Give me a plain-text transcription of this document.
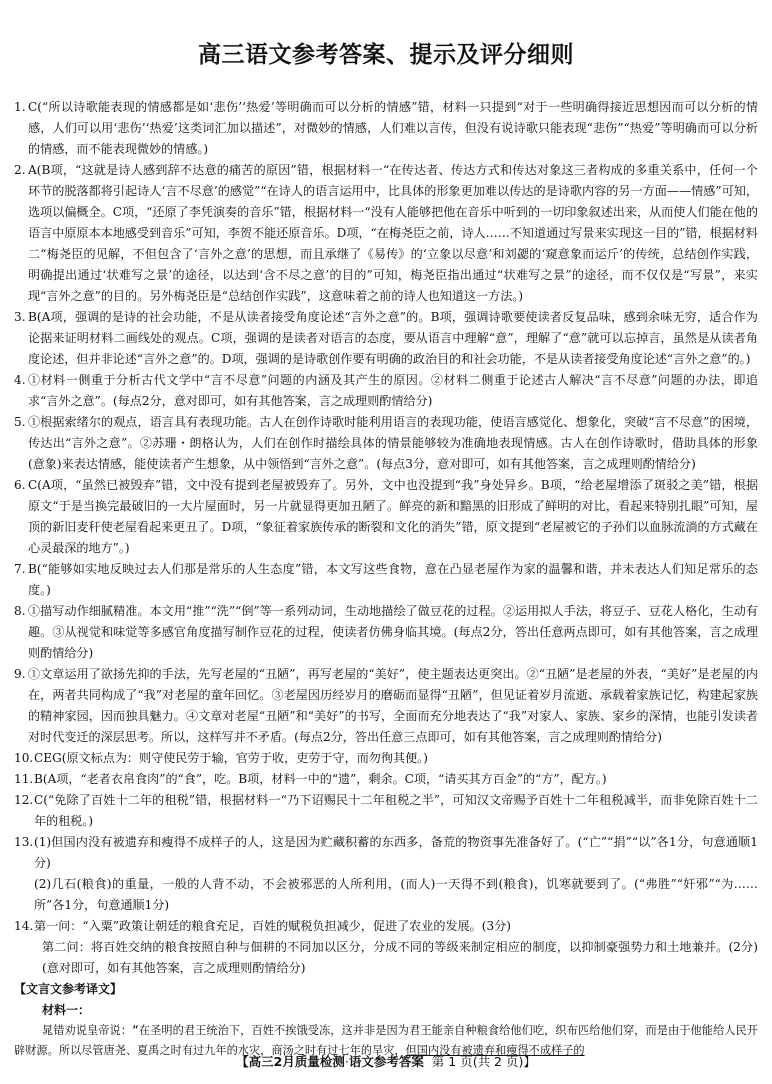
高三语文参考答案、提示及评分细则
1. C(“所以诗歌能表现的情感都是如‘悲伤’‘热爱’等明确而可以分析的情感”错，材料一只提到“对于一些明确得接近思想因而可以分析的情感，人们可以用‘悲伤’‘热爱’这类词汇加以描述”，对微妙的情感，人们难以言传，但没有说诗歌只能表现“悲伤”“热爱”等明确而可以分析的情感，而不能表现微妙的情感。)
2. A(B项，“这就是诗人感到辞不达意的痛苦的原因”错，根据材料一“在传达者、传达方式和传达对象这三者构成的多重关系中，任何一个环节的脱落都将引起诗人‘言不尽意’的感觉”“在诗人的语言运用中，比具体的形象更加难以传达的是诗歌内容的另一方面——情感”可知，选项以偏概全。C项，“还原了李凭演奏的音乐”错，根据材料一“没有人能够把他在音乐中听到的一切印象叙述出来，从而使人们能在他的语言中原原本本地感受到音乐”可知，李贺不能还原音乐。D项，“在梅尧臣之前，诗人……不知道通过写景来实现这一目的”错，根据材料二“梅尧臣的见解，不但包含了‘言外之意’的思想，而且承继了《易传》的‘立象以尽意’和刘勰的‘窥意象而运斤’的传统，总结创作实践，明确提出通过‘状难写之景’的途径，以达到‘含不尽之意’的目的”可知，梅尧臣指出通过“状难写之景”的途径，而不仅仅是“写景”，来实现“言外之意”的目的。另外梅尧臣是“总结创作实践”，这意味着之前的诗人也知道这一方法。)
3. B(A项，强调的是诗的社会功能，不是从读者接受角度论述“言外之意”的。B项，强调诗歌要使读者反复品味，感到余味无穷，适合作为论据来证明材料二画线处的观点。C项，强调的是读者对语言的态度，要从语言中理解“意”，理解了“意”就可以忘掉言，虽然是从读者角度论述，但并非论述“言外之意”的。D项，强调的是诗歌创作要有明确的政治目的和社会功能，不是从读者接受角度论述“言外之意”的。)
4. ①材料一侧重于分析古代文学中“言不尽意”问题的内涵及其产生的原因。②材料二侧重于论述古人解决“言不尽意”问题的办法，即追求“言外之意”。(每点2分，意对即可，如有其他答案，言之成理则酌情给分)
5. ①根据索绪尔的观点，语言具有表现功能。古人在创作诗歌时能利用语言的表现功能，使语言感觉化、想象化，突破“言不尽意”的困境，传达出“言外之意”。②苏珊・朗格认为，人们在创作时描绘具体的情景能够较为准确地表现情感。古人在创作诗歌时，借助具体的形象(意象)来表达情感，能使读者产生想象，从中领悟到“言外之意”。(每点3分，意对即可，如有其他答案，言之成理则酌情给分)
6. C(A项，“虽然已被毁弃”错，文中没有提到老屋被毁弃了。另外，文中也没提到“我”身处异乡。B项，“给老屋增添了斑驳之美”错，根据原文“于是当换完最破旧的一大片屋面时，另一片就显得更加丑陋了。鲜亮的新和黯黑的旧形成了鲜明的对比，看起来特别扎眼”可知，屋顶的新旧麦秆使老屋看起来更丑了。D项，“象征着家族传承的断裂和文化的消失”错，原文提到“老屋被它的子孙们以血脉流淌的方式藏在心灵最深的地方”。)
7. B(“能够如实地反映过去人们那是常乐的人生态度”错，本文写这些食物，意在凸显老屋作为家的温馨和谐，并未表达人们知足常乐的态度。)
8. ①描写动作细腻精准。本文用“推”“洗”“倒”等一系列动词，生动地描绘了做豆花的过程。②运用拟人手法，将豆子、豆花人格化，生动有趣。③从视觉和味觉等多感官角度描写制作豆花的过程，使读者仿佛身临其境。(每点2分，答出任意两点即可，如有其他答案，言之成理则酌情给分)
9. ①文章运用了欲扬先抑的手法，先写老屋的“丑陋”，再写老屋的“美好”，使主题表达更突出。②“丑陋”是老屋的外表，“美好”是老屋的内在，两者共同构成了“我”对老屋的童年回忆。③老屋因历经岁月的磨砺而显得“丑陋”，但见证着岁月流逝、承载着家族记忆，构建起家族的精神家园，因而独具魅力。④文章对老屋“丑陋”和“美好”的书写，全面而充分地表达了“我”对家人、家族、家乡的深情，也能引发读者对时代变迁的深层思考。所以，这样写并不矛盾。(每点2分，答出任意三点即可，如有其他答案，言之成理则酌情给分)
10. CEG(原文标点为：则守使民劳于输，官劳于收，吏劳于守，而勿徇其便。)
11. B(A项，“老者衣帛食肉”的“食”，吃。B项，材料一中的“遗”，剩余。C项，“请买其方百金”的“方”，配方。)
12. C(“免除了百姓十二年的租税”错，根据材料一“乃下诏赐民十二年租税之半”，可知汉文帝赐予百姓十二年租税减半，而非免除百姓十二年的租税。)
13. (1)但国内没有被遗弃和瘦得不成样子的人，这是因为贮藏积蓄的东西多，备荒的物资事先准备好了。(“亡”“捐”“以”各1分，句意通顺1分)
(2)几石(粮食)的重量，一般的人背不动，不会被邪恶的人所利用，(而人)一天得不到(粮食)，饥寒就要到了。(“弗胜”“奸邪”“为……所”各1分，句意通顺1分)
14. 第一问：“入粟”政策让朝廷的粮食充足，百姓的赋税负担减少，促进了农业的发展。(3分)
第二问：将百姓交纳的粮食按照自种与佃耕的不同加以区分，分成不同的等级来制定相应的制度，以抑制豪强势力和土地兼并。(2分)(意对即可，如有其他答案，言之成理则酌情给分)
【文言文参考译文】
材料一：
晁错劝说皇帝说：“在圣明的君王统治下，百姓不挨饿受冻，这并非是因为君王能亲自种粮食给他们吃，织布匹给他们穿，而是由于他能给人民开辟财源。所以尽管唐尧、夏禹之时有过九年的水灾，商汤之时有过七年的旱灾，但国内没有被遗弃和瘦得不成样子的
【高三2月质量检测·语文参考答案 第 1 页(共 2 页)】
